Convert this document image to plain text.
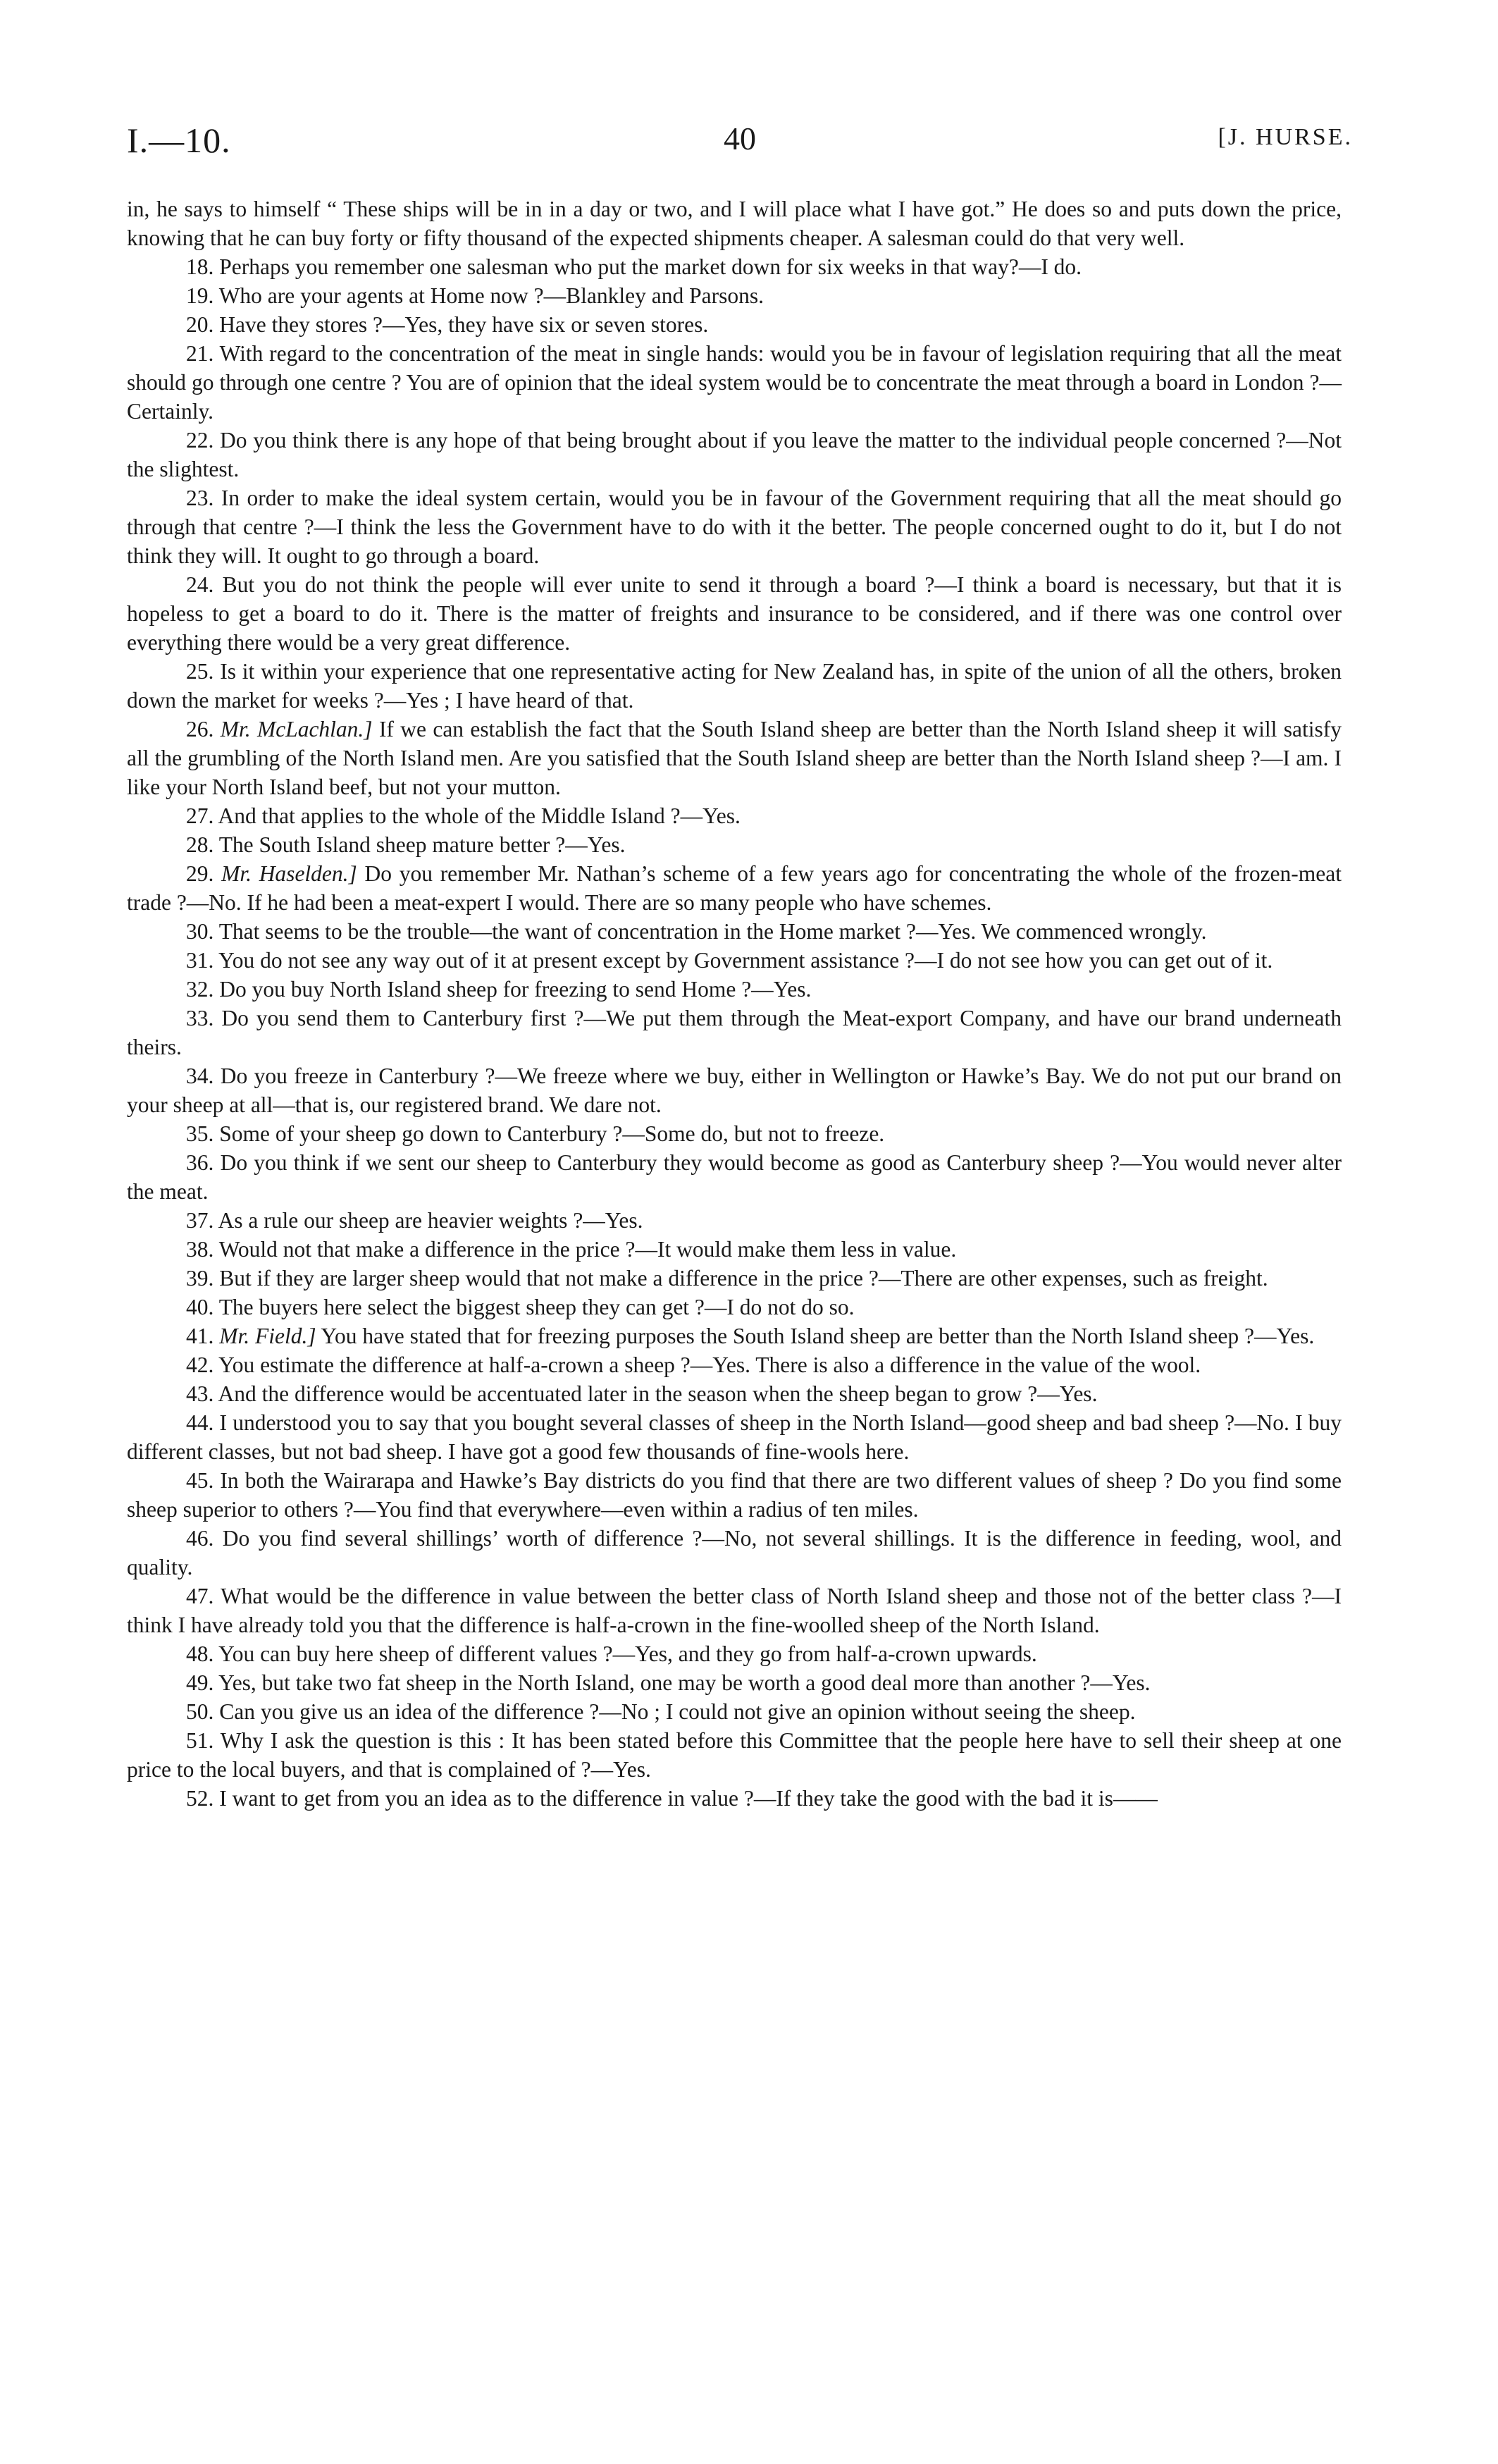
I.—10.	40	[J. HURSE.

in, he says to himself “ These ships will be in in a day or two, and I will place what I have got.” He does so and puts down the price, knowing that he can buy forty or fifty thousand of the expected shipments cheaper. A salesman could do that very well.

18. Perhaps you remember one salesman who put the market down for six weeks in that way?—I do.

19. Who are your agents at Home now ?—Blankley and Parsons.

20. Have they stores ?—Yes, they have six or seven stores.

21. With regard to the concentration of the meat in single hands: would you be in favour of legislation requiring that all the meat should go through one centre ? You are of opinion that the ideal system would be to concentrate the meat through a board in London ?—Certainly.

22. Do you think there is any hope of that being brought about if you leave the matter to the individual people concerned ?—Not the slightest.

23. In order to make the ideal system certain, would you be in favour of the Government requiring that all the meat should go through that centre ?—I think the less the Government have to do with it the better. The people concerned ought to do it, but I do not think they will. It ought to go through a board.

24. But you do not think the people will ever unite to send it through a board ?—I think a board is necessary, but that it is hopeless to get a board to do it. There is the matter of freights and insurance to be considered, and if there was one control over everything there would be a very great difference.

25. Is it within your experience that one representative acting for New Zealand has, in spite of the union of all the others, broken down the market for weeks ?—Yes ; I have heard of that.

26. Mr. McLachlan.] If we can establish the fact that the South Island sheep are better than the North Island sheep it will satisfy all the grumbling of the North Island men. Are you satisfied that the South Island sheep are better than the North Island sheep ?—I am. I like your North Island beef, but not your mutton.

27. And that applies to the whole of the Middle Island ?—Yes.

28. The South Island sheep mature better ?—Yes.

29. Mr. Haselden.] Do you remember Mr. Nathan’s scheme of a few years ago for concentrating the whole of the frozen-meat trade ?—No. If he had been a meat-expert I would. There are so many people who have schemes.

30. That seems to be the trouble—the want of concentration in the Home market ?—Yes. We commenced wrongly.

31. You do not see any way out of it at present except by Government assistance ?—I do not see how you can get out of it.

32. Do you buy North Island sheep for freezing to send Home ?—Yes.

33. Do you send them to Canterbury first ?—We put them through the Meat-export Company, and have our brand underneath theirs.

34. Do you freeze in Canterbury ?—We freeze where we buy, either in Wellington or Hawke’s Bay. We do not put our brand on your sheep at all—that is, our registered brand. We dare not.

35. Some of your sheep go down to Canterbury ?—Some do, but not to freeze.

36. Do you think if we sent our sheep to Canterbury they would become as good as Canterbury sheep ?—You would never alter the meat.

37. As a rule our sheep are heavier weights ?—Yes.

38. Would not that make a difference in the price ?—It would make them less in value.

39. But if they are larger sheep would that not make a difference in the price ?—There are other expenses, such as freight.

40. The buyers here select the biggest sheep they can get ?—I do not do so.

41. Mr. Field.] You have stated that for freezing purposes the South Island sheep are better than the North Island sheep ?—Yes.

42. You estimate the difference at half-a-crown a sheep ?—Yes. There is also a difference in the value of the wool.

43. And the difference would be accentuated later in the season when the sheep began to grow ?—Yes.

44. I understood you to say that you bought several classes of sheep in the North Island—good sheep and bad sheep ?—No. I buy different classes, but not bad sheep. I have got a good few thousands of fine-wools here.

45. In both the Wairarapa and Hawke’s Bay districts do you find that there are two different values of sheep ? Do you find some sheep superior to others ?—You find that everywhere—even within a radius of ten miles.

46. Do you find several shillings’ worth of difference ?—No, not several shillings. It is the difference in feeding, wool, and quality.

47. What would be the difference in value between the better class of North Island sheep and those not of the better class ?—I think I have already told you that the difference is half-a-crown in the fine-woolled sheep of the North Island.

48. You can buy here sheep of different values ?—Yes, and they go from half-a-crown upwards.

49. Yes, but take two fat sheep in the North Island, one may be worth a good deal more than another ?—Yes.

50. Can you give us an idea of the difference ?—No ; I could not give an opinion without seeing the sheep.

51. Why I ask the question is this : It has been stated before this Committee that the people here have to sell their sheep at one price to the local buyers, and that is complained of ?—Yes.

52. I want to get from you an idea as to the difference in value ?—If they take the good with the bad it is——
